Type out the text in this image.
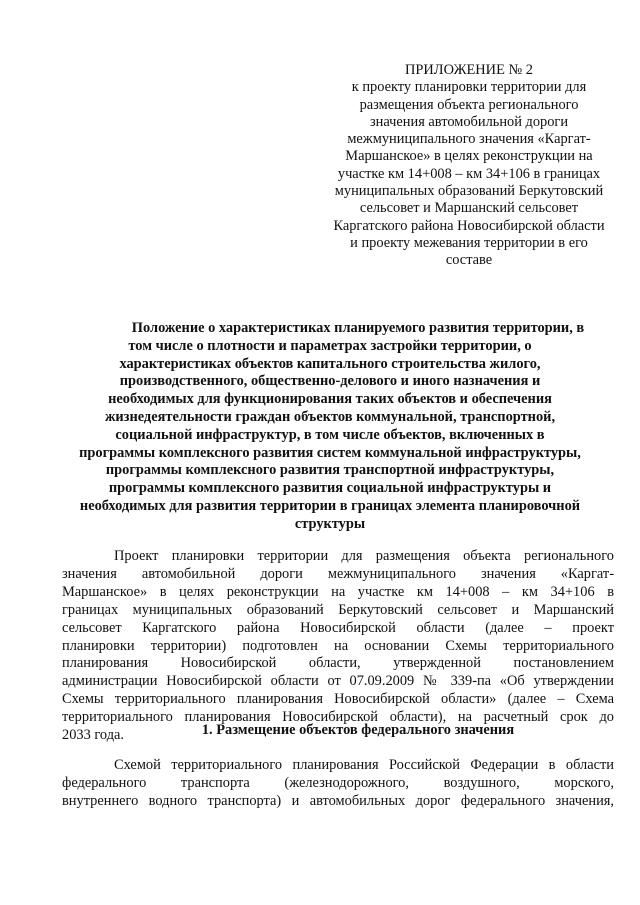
ПРИЛОЖЕНИЕ № 2
к проекту планировки территории для
размещения объекта регионального
значения автомобильной дороги
межмуниципального значения «Каргат-
Маршанское» в целях реконструкции на
участке км 14+008 – км 34+106 в границах
муниципальных образований Беркутовский
сельсовет и Маршанский сельсовет
Каргатского района Новосибирской области
и проекту межевания территории в его
составе
Положение о характеристиках планируемого развития территории, в
том числе о плотности и параметрах застройки территории, о
характеристиках объектов капитального строительства жилого,
производственного, общественно-делового и иного назначения и
необходимых для функционирования таких объектов и обеспечения
жизнедеятельности граждан объектов коммунальной, транспортной,
социальной инфраструктур, в том числе объектов, включенных в
программы комплексного развития систем коммунальной инфраструктуры,
программы комплексного развития транспортной инфраструктуры,
программы комплексного развития социальной инфраструктуры и
необходимых для развития территории в границах элемента планировочной
структуры
Проект планировки территории для размещения объекта регионального
значения автомобильной дороги межмуниципального значения «Каргат-
Маршанское» в целях реконструкции на участке км 14+008 – км 34+106 в
границах муниципальных образований Беркутовский сельсовет и Маршанский
сельсовет Каргатского района Новосибирской области (далее – проект
планировки территории) подготовлен на основании Схемы территориального
планирования Новосибирской области, утвержденной постановлением
администрации Новосибирской области от 07.09.2009 № 339-па «Об утверждении
Схемы территориального планирования Новосибирской области» (далее – Схема
территориального планирования Новосибирской области), на расчетный срок до
2033 года.	1. Размещение объектов федерального значения
Схемой территориального планирования Российской Федерации в области
федерального транспорта (железнодорожного, воздушного, морского,
внутреннего водного транспорта) и автомобильных дорог федерального значения,
